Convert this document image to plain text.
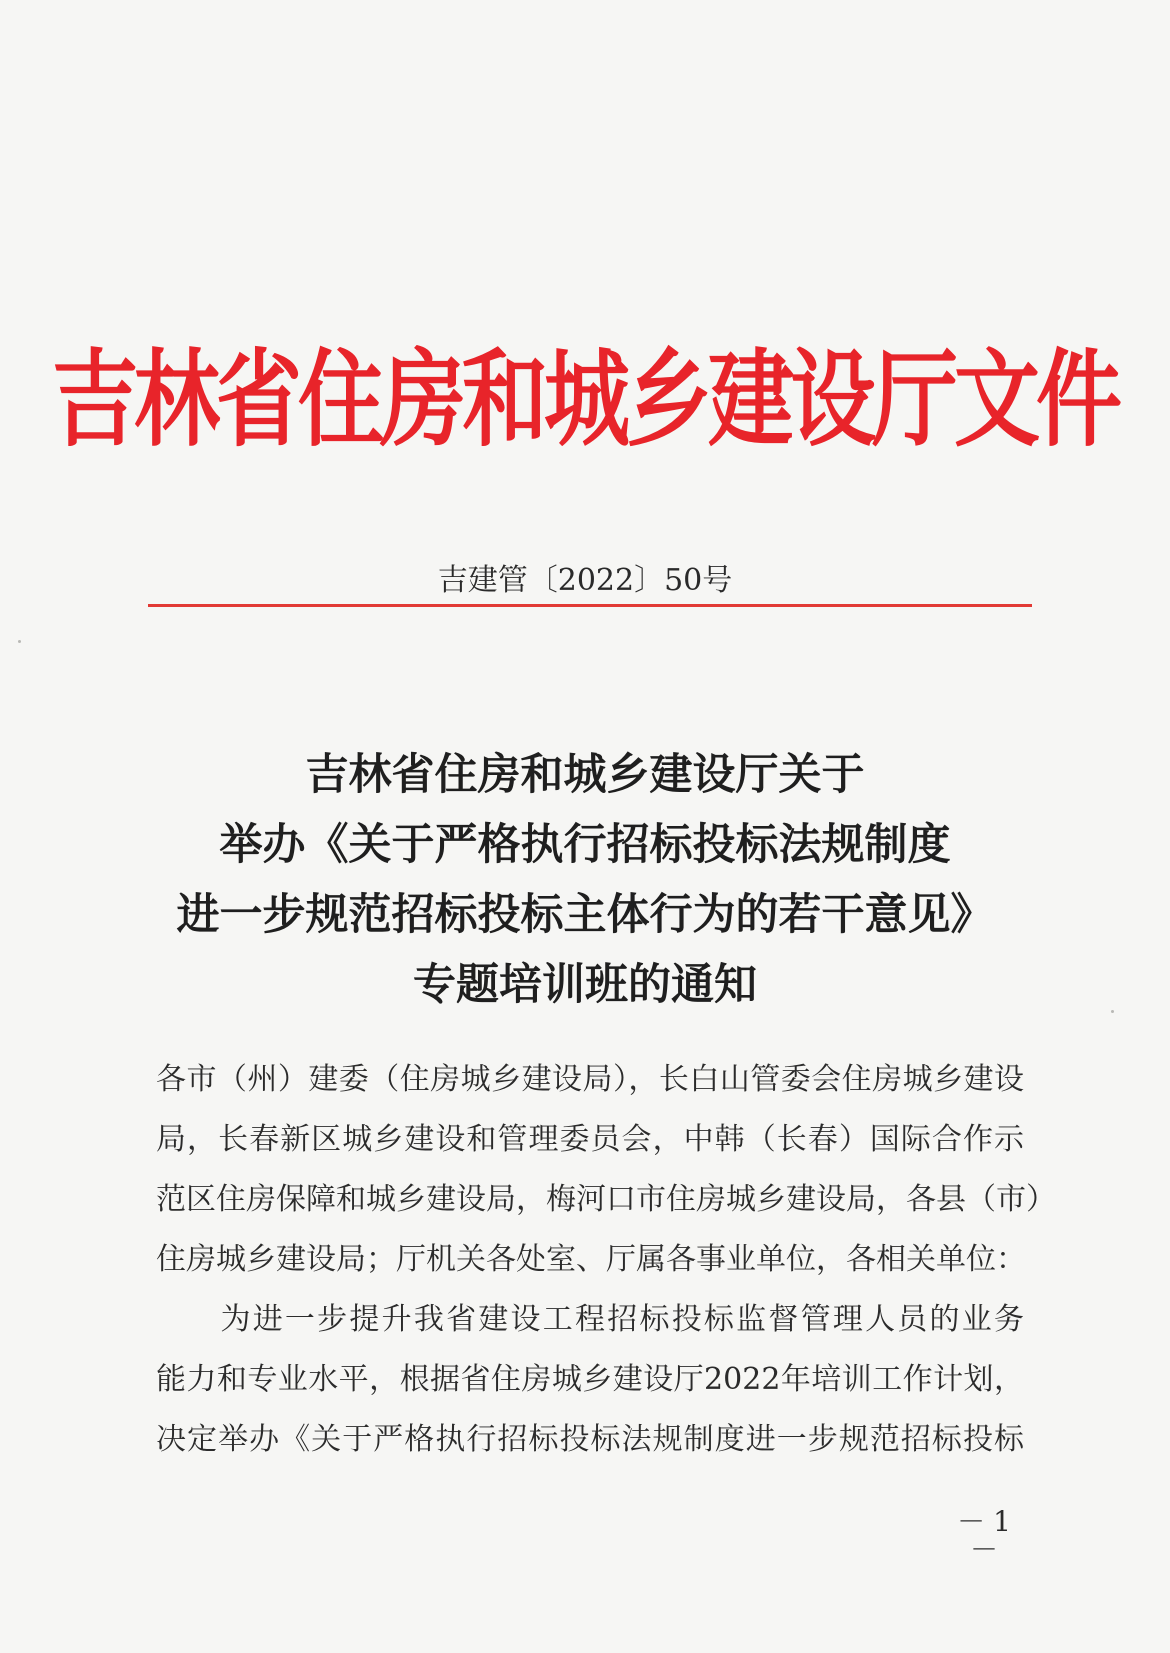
吉林省住房和城乡建设厅文件
吉建管〔2022〕50号
吉林省住房和城乡建设厅关于
举办《关于严格执行招标投标法规制度
进一步规范招标投标主体行为的若干意见》
专题培训班的通知
各市（州）建委（住房城乡建设局），长白山管委会住房城乡建设
局，长春新区城乡建设和管理委员会，中韩（长春）国际合作示
范区住房保障和城乡建设局，梅河口市住房城乡建设局，各县（市）
住房城乡建设局；厅机关各处室、厅属各事业单位，各相关单位：
　　为进一步提升我省建设工程招标投标监督管理人员的业务
能力和专业水平，根据省住房城乡建设厅2022年培训工作计划，
决定举办《关于严格执行招标投标法规制度进一步规范招标投标
－1－
